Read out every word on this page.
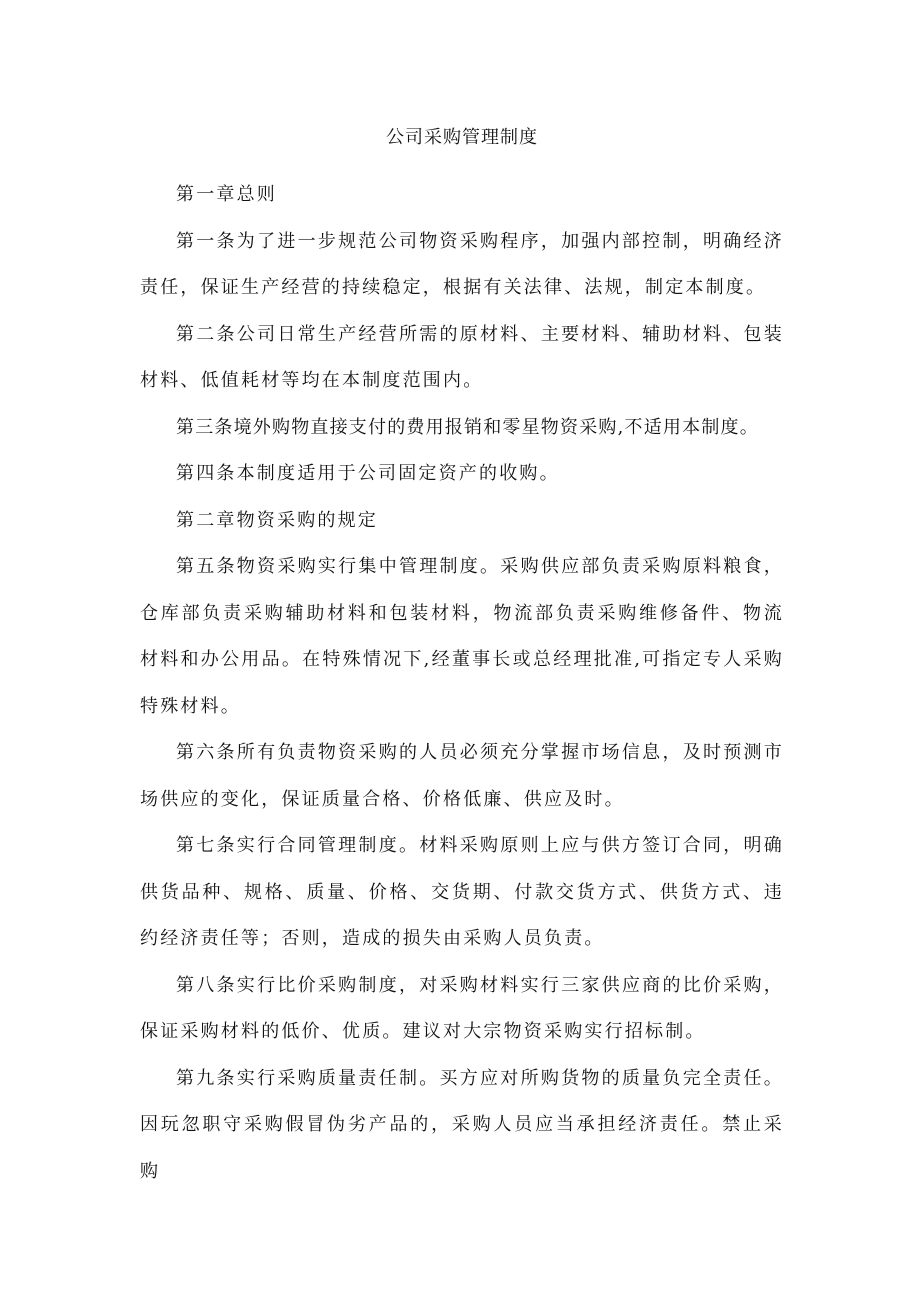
公司采购管理制度

第一章总则

第一条为了进一步规范公司物资采购程序，加强内部控制，明确经济责任，保证生产经营的持续稳定，根据有关法律、法规，制定本制度。

第二条公司日常生产经营所需的原材料、主要材料、辅助材料、包装材料、低值耗材等均在本制度范围内。

第三条境外购物直接支付的费用报销和零星物资采购,不适用本制度。

第四条本制度适用于公司固定资产的收购。

第二章物资采购的规定

第五条物资采购实行集中管理制度。采购供应部负责采购原料粮食，仓库部负责采购辅助材料和包装材料，物流部负责采购维修备件、物流材料和办公用品。在特殊情况下,经董事长或总经理批准,可指定专人采购特殊材料。

第六条所有负责物资采购的人员必须充分掌握市场信息，及时预测市场供应的变化，保证质量合格、价格低廉、供应及时。

第七条实行合同管理制度。材料采购原则上应与供方签订合同，明确供货品种、规格、质量、价格、交货期、付款交货方式、供货方式、违约经济责任等；否则，造成的损失由采购人员负责。

第八条实行比价采购制度，对采购材料实行三家供应商的比价采购，保证采购材料的低价、优质。建议对大宗物资采购实行招标制。

第九条实行采购质量责任制。买方应对所购货物的质量负完全责任。因玩忽职守采购假冒伪劣产品的，采购人员应当承担经济责任。禁止采购
